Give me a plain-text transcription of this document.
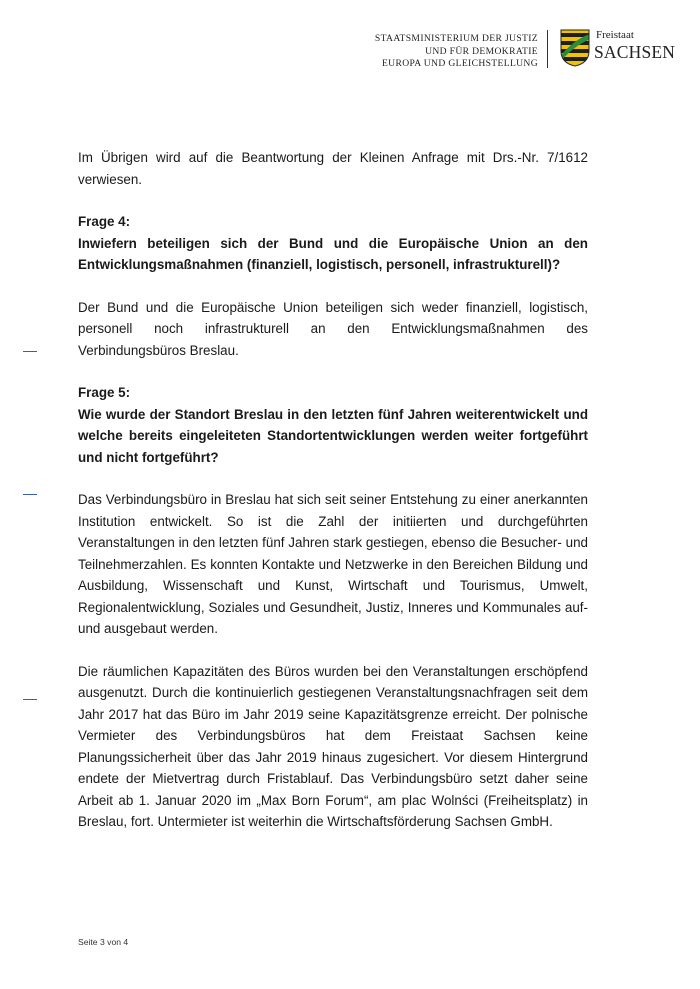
STAATSMINISTERIUM DER JUSTIZ
UND FÜR DEMOKRATIE
EUROPA UND GLEICHSTELLUNG
Freistaat
SACHSEN

Im Übrigen wird auf die Beantwortung der Kleinen Anfrage mit Drs.-Nr. 7/1612 verwiesen.

Frage 4:

Inwiefern beteiligen sich der Bund und die Europäische Union an den Entwicklungsmaßnahmen (finanziell, logistisch, personell, infrastrukturell)?

Der Bund und die Europäische Union beteiligen sich weder finanziell, logistisch, personell noch infrastrukturell an den Entwicklungsmaßnahmen des Verbindungsbüros Breslau.

Frage 5:

Wie wurde der Standort Breslau in den letzten fünf Jahren weiterentwickelt und welche bereits eingeleiteten Standortentwicklungen werden weiter fortgeführt und nicht fortgeführt?

Das Verbindungsbüro in Breslau hat sich seit seiner Entstehung zu einer anerkannten Institution entwickelt. So ist die Zahl der initiierten und durchgeführten Veranstaltungen in den letzten fünf Jahren stark gestiegen, ebenso die Besucher- und Teilnehmerzahlen. Es konnten Kontakte und Netzwerke in den Bereichen Bildung und Ausbildung, Wissenschaft und Kunst, Wirtschaft und Tourismus, Umwelt, Regionalentwicklung, Soziales und Gesundheit, Justiz, Inneres und Kommunales auf- und ausgebaut werden.

Die räumlichen Kapazitäten des Büros wurden bei den Veranstaltungen erschöpfend ausgenutzt. Durch die kontinuierlich gestiegenen Veranstaltungsnachfragen seit dem Jahr 2017 hat das Büro im Jahr 2019 seine Kapazitätsgrenze erreicht. Der polnische Vermieter des Verbindungsbüros hat dem Freistaat Sachsen keine Planungssicherheit über das Jahr 2019 hinaus zugesichert. Vor diesem Hintergrund endete der Mietvertrag durch Fristablauf. Das Verbindungsbüro setzt daher seine Arbeit ab 1. Januar 2020 im „Max Born Forum“, am plac Wolnści (Freiheitsplatz) in Breslau, fort. Untermieter ist weiterhin die Wirtschaftsförderung Sachsen GmbH.

Seite 3 von 4
